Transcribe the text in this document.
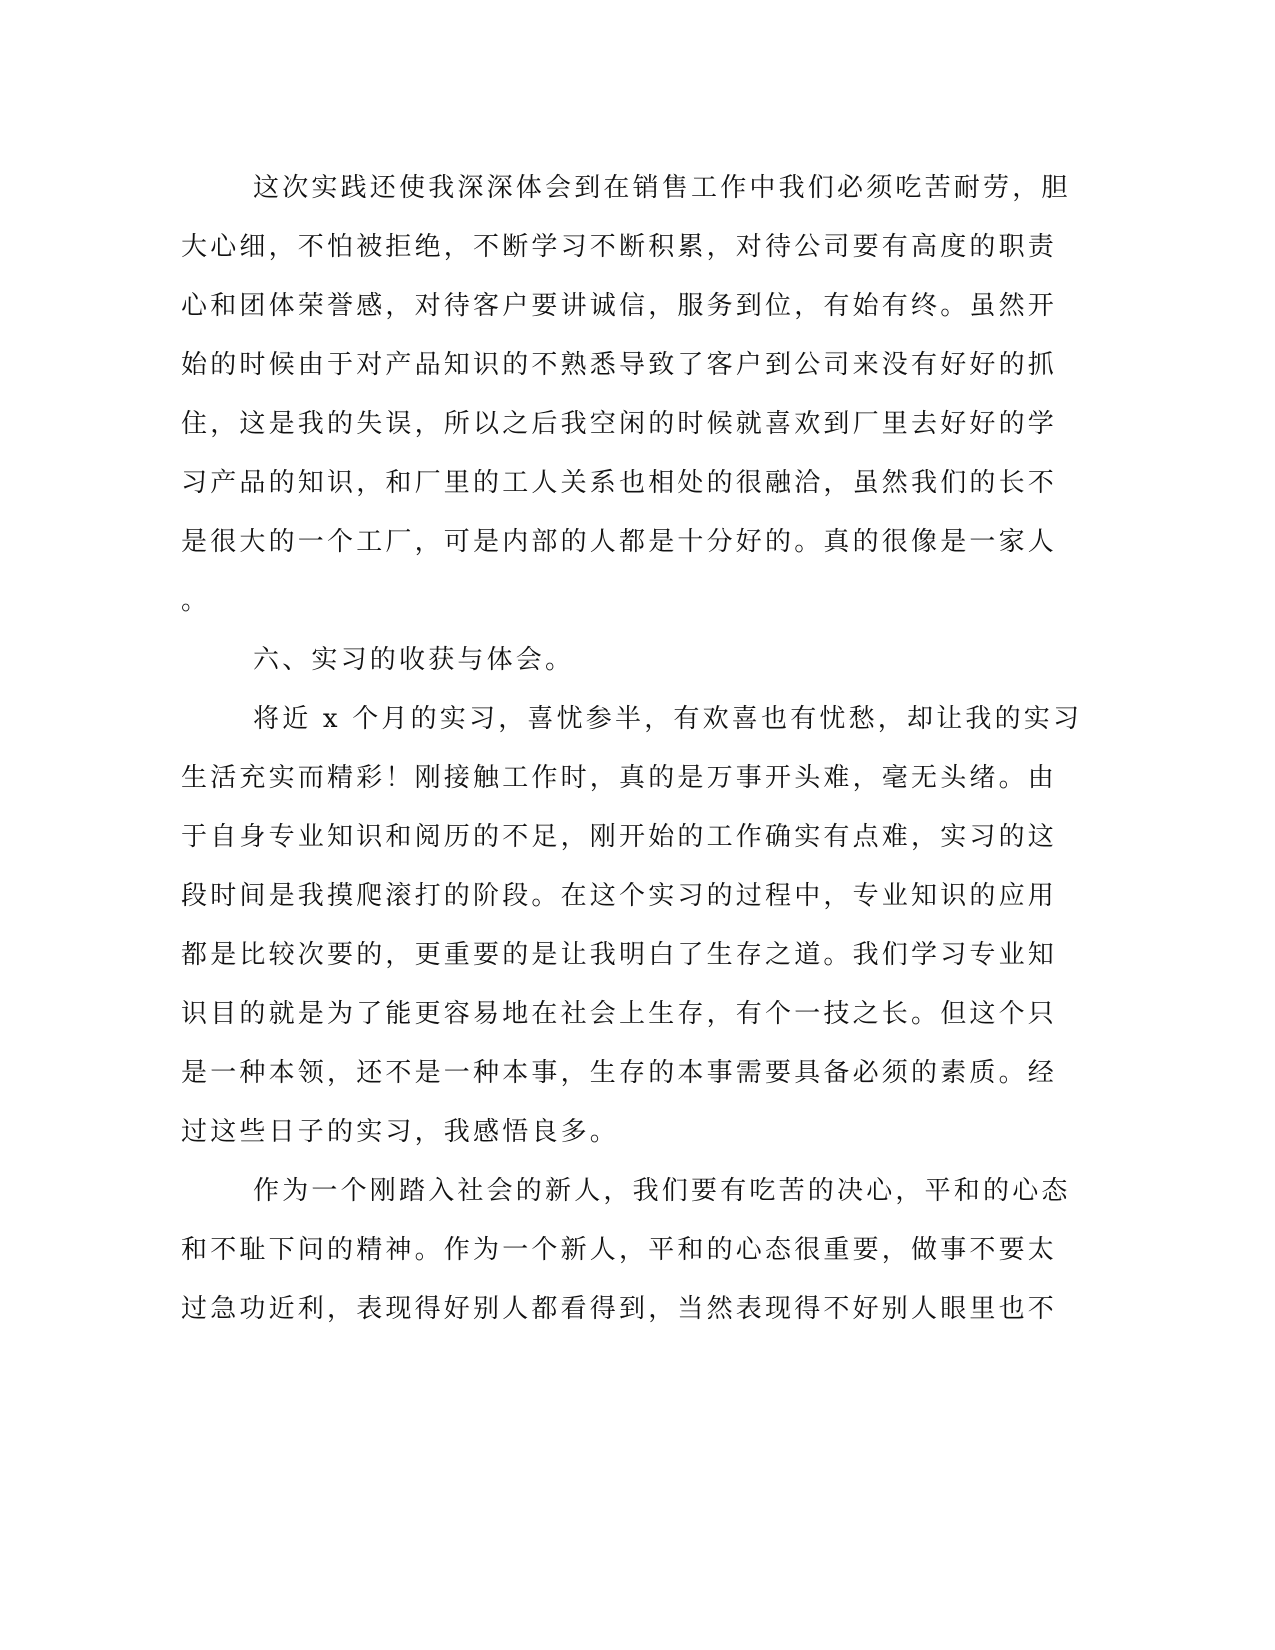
这次实践还使我深深体会到在销售工作中我们必须吃苦耐劳，胆
大心细，不怕被拒绝，不断学习不断积累，对待公司要有高度的职责
心和团体荣誉感，对待客户要讲诚信，服务到位，有始有终。虽然开
始的时候由于对产品知识的不熟悉导致了客户到公司来没有好好的抓
住，这是我的失误，所以之后我空闲的时候就喜欢到厂里去好好的学
习产品的知识，和厂里的工人关系也相处的很融洽，虽然我们的长不
是很大的一个工厂，可是内部的人都是十分好的。真的很像是一家人
。
六、实习的收获与体会。
将近 x 个月的实习，喜忧参半，有欢喜也有忧愁，却让我的实习
生活充实而精彩！刚接触工作时，真的是万事开头难，毫无头绪。由
于自身专业知识和阅历的不足，刚开始的工作确实有点难，实习的这
段时间是我摸爬滚打的阶段。在这个实习的过程中，专业知识的应用
都是比较次要的，更重要的是让我明白了生存之道。我们学习专业知
识目的就是为了能更容易地在社会上生存，有个一技之长。但这个只
是一种本领，还不是一种本事，生存的本事需要具备必须的素质。经
过这些日子的实习，我感悟良多。
作为一个刚踏入社会的新人，我们要有吃苦的决心，平和的心态
和不耻下问的精神。作为一个新人，平和的心态很重要，做事不要太
过急功近利，表现得好别人都看得到，当然表现得不好别人眼里也不
